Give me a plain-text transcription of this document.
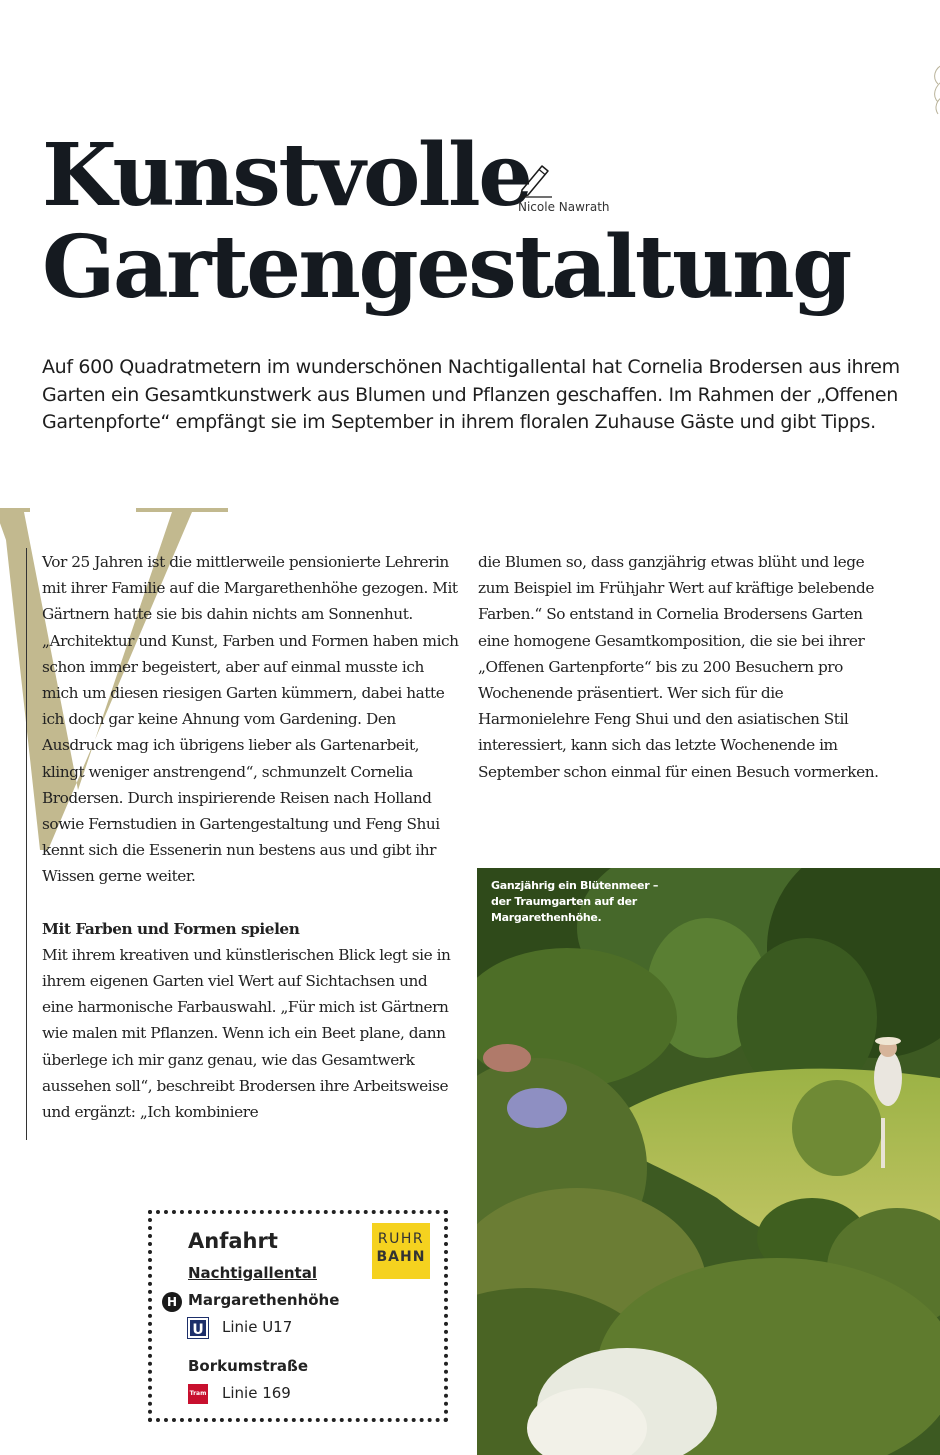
Kunstvolle
Gartengestaltung
Nicole Nawrath

Auf 600 Quadratmetern im wunderschönen Nachtigallental hat Cornelia Brodersen aus ihrem Garten ein Gesamtkunstwerk aus Blumen und Pflanzen geschaffen. Im Rahmen der „Offenen Gartenpforte“ empfängt sie im September in ihrem floralen Zuhause Gäste und gibt Tipps.

Vor 25 Jahren ist die mittlerweile pensionierte Lehrerin mit ihrer Familie auf die Margarethenhöhe gezogen. Mit Gärtnern hatte sie bis dahin nichts am Sonnenhut. „Architektur und Kunst, Farben und Formen haben mich schon immer begeistert, aber auf einmal musste ich mich um diesen riesigen Garten kümmern, dabei hatte ich doch gar keine Ahnung vom Gardening. Den Ausdruck mag ich übrigens lieber als Gartenarbeit, klingt weniger anstrengend“, schmunzelt Cornelia Brodersen. Durch inspirierende Reisen nach Holland sowie Fernstudien in Gartengestaltung und Feng Shui kennt sich die Essenerin nun bestens aus und gibt ihr Wissen gerne weiter.

Mit Farben und Formen spielen

Mit ihrem kreativen und künstlerischen Blick legt sie in ihrem eigenen Garten viel Wert auf Sichtachsen und eine harmonische Farbauswahl. „Für mich ist Gärtnern wie malen mit Pflanzen. Wenn ich ein Beet plane, dann überlege ich mir ganz genau, wie das Gesamtwerk aussehen soll“, beschreibt Brodersen ihre Arbeitsweise und ergänzt: „Ich kombiniere

die Blumen so, dass ganzjährig etwas blüht und lege zum Beispiel im Frühjahr Wert auf kräftige belebende Farben.“ So entstand in Cornelia Brodersens Garten eine homogene Gesamtkomposition, die sie bei ihrer „Offenen Gartenpforte“ bis zu 200 Besuchern pro Wochenende präsentiert. Wer sich für die Harmonielehre Feng Shui und den asiatischen Stil interessiert, kann sich das letzte Wochenende im September schon einmal für einen Besuch vormerken.

Ganzjährig ein Blütenmeer – der Traumgarten auf der Margarethenhöhe.

Anfahrt	RUHR
BAHN
Nachtigallental
H Margarethenhöhe
U Linie U17
Borkumstraße
Tram Linie 169
